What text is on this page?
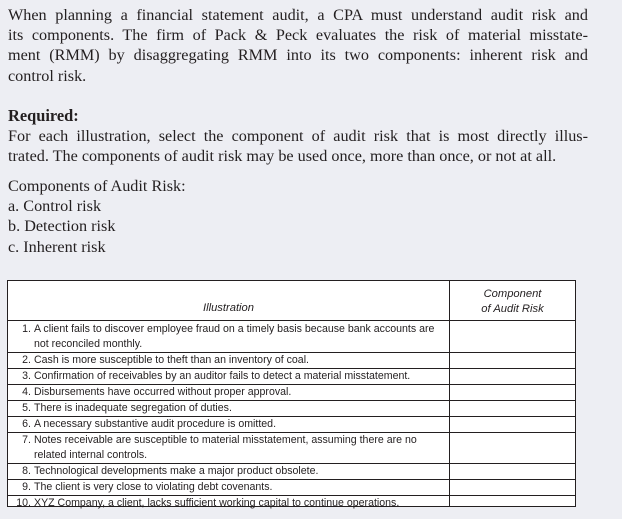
When planning a financial statement audit, a CPA must understand audit risk and
its components. The firm of Pack & Peck evaluates the risk of material misstate-
ment (RMM) by disaggregating RMM into its two components: inherent risk and
control risk.
Required:
For each illustration, select the component of audit risk that is most directly illus-
trated. The components of audit risk may be used once, more than once, or not at all.
Components of Audit Risk:
a. Control risk
b. Detection risk
c. Inherent risk
Illustration
Component
of Audit Risk
1. A client fails to discover employee fraud on a timely basis because bank accounts are not reconciled monthly.
2. Cash is more susceptible to theft than an inventory of coal.
3. Confirmation of receivables by an auditor fails to detect a material misstatement.
4. Disbursements have occurred without proper approval.
5. There is inadequate segregation of duties.
6. A necessary substantive audit procedure is omitted.
7. Notes receivable are susceptible to material misstatement, assuming there are no related internal controls.
8. Technological developments make a major product obsolete.
9. The client is very close to violating debt covenants.
10. XYZ Company, a client, lacks sufficient working capital to continue operations.
